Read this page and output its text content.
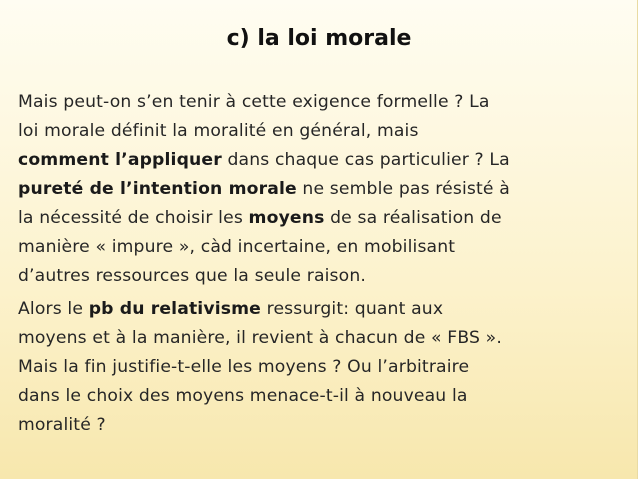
c) la loi morale

Mais peut-on s’en tenir à cette exigence formelle ? La
loi morale définit la moralité en général, mais
comment l’appliquer dans chaque cas particulier ? La
pureté de l’intention morale ne semble pas résisté à
la nécessité de choisir les moyens de sa réalisation de
manière « impure », càd incertaine, en mobilisant
d’autres ressources que la seule raison.

Alors le pb du relativisme ressurgit: quant aux
moyens et à la manière, il revient à chacun de « FBS ».
Mais la fin justifie-t-elle les moyens ? Ou l’arbitraire
dans le choix des moyens menace-t-il à nouveau la
moralité ?
